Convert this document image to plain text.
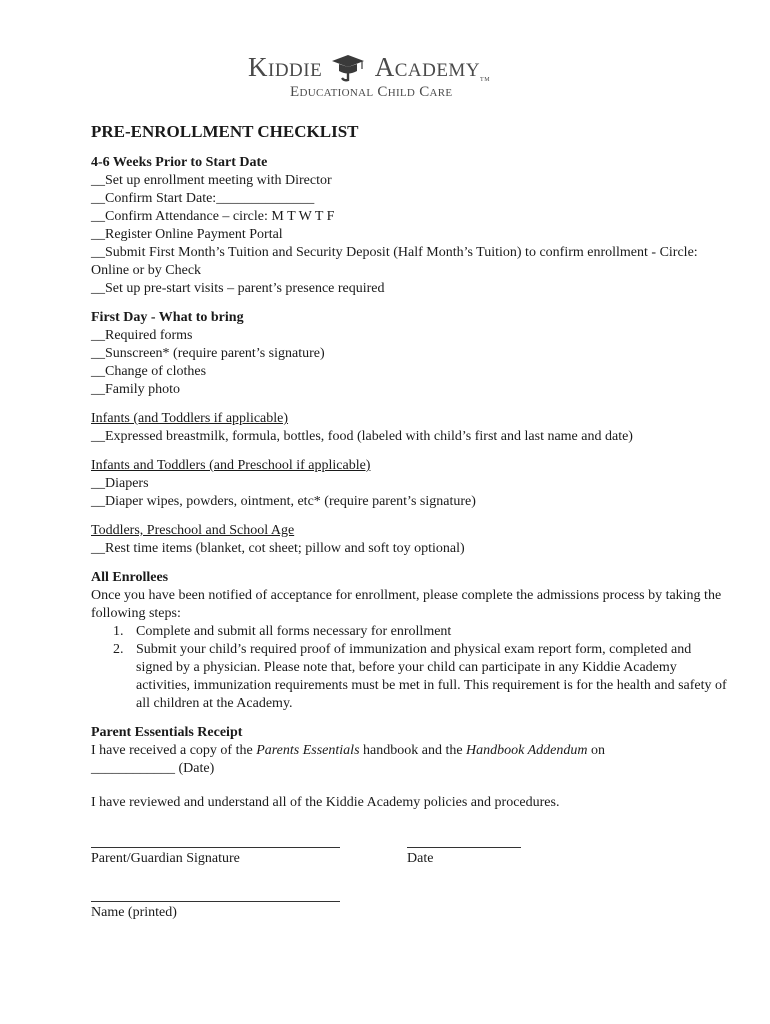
Kiddie AcademyTM
Educational Child Care
PRE-ENROLLMENT CHECKLIST
4-6 Weeks Prior to Start Date
__Set up enrollment meeting with Director
__Confirm Start Date:______________
__Confirm Attendance – circle: M T W T F
__Register Online Payment Portal
__Submit First Month’s Tuition and Security Deposit (Half Month’s Tuition) to confirm enrollment - Circle: Online or by Check
__Set up pre-start visits – parent’s presence required
First Day - What to bring
__Required forms
__Sunscreen* (require parent’s signature)
__Change of clothes
__Family photo
Infants (and Toddlers if applicable)
__Expressed breastmilk, formula, bottles, food (labeled with child’s first and last name and date)
Infants and Toddlers (and Preschool if applicable)
__Diapers
__Diaper wipes, powders, ointment, etc* (require parent’s signature)
Toddlers, Preschool and School Age
__Rest time items (blanket, cot sheet; pillow and soft toy optional)
All Enrollees
Once you have been notified of acceptance for enrollment, please complete the admissions process by taking the following steps:
1. Complete and submit all forms necessary for enrollment
2. Submit your child’s required proof of immunization and physical exam report form, completed and signed by a physician. Please note that, before your child can participate in any Kiddie Academy activities, immunization requirements must be met in full. This requirement is for the health and safety of all children at the Academy.
Parent Essentials Receipt
I have received a copy of the Parents Essentials handbook and the Handbook Addendum on
____________ (Date)
I have reviewed and understand all of the Kiddie Academy policies and procedures.
Parent/Guardian Signature	Date
Name (printed)
